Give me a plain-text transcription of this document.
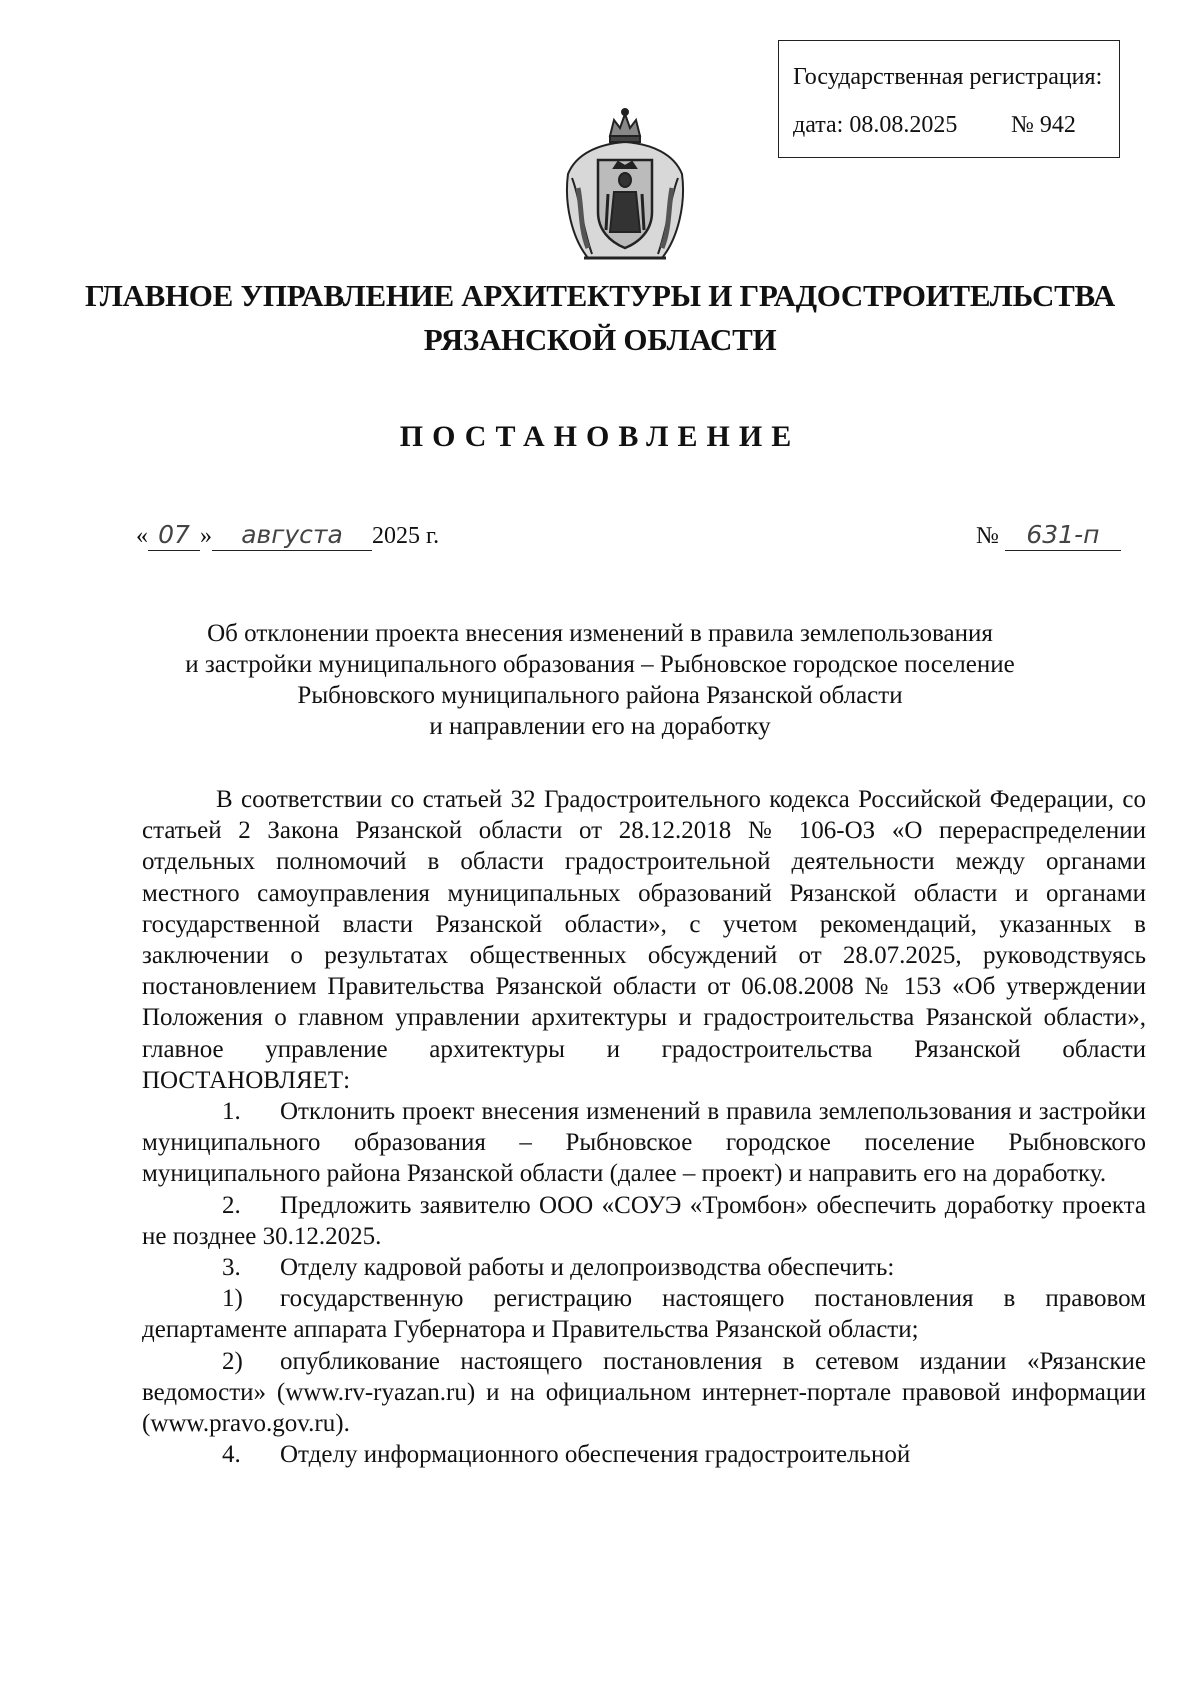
Государственная регистрация:
дата: 08.08.2025 № 942
ГЛАВНОЕ УПРАВЛЕНИЕ АРХИТЕКТУРЫ И ГРАДОСТРОИТЕЛЬСТВА
РЯЗАНСКОЙ ОБЛАСТИ
ПОСТАНОВЛЕНИЕ
« 07 » августа 2025 г.	№ 631-п
Об отклонении проекта внесения изменений в правила землепользования
и застройки муниципального образования – Рыбновское городское поселение
Рыбновского муниципального района Рязанской области
и направлении его на доработку

В соответствии со статьей 32 Градостроительного кодекса Российской Федерации, со статьей 2 Закона Рязанской области от 28.12.2018 № 106-ОЗ «О перераспределении отдельных полномочий в области градостроительной деятельности между органами местного самоуправления муниципальных образований Рязанской области и органами государственной власти Рязанской области», с учетом рекомендаций, указанных в заключении о результатах общественных обсуждений от 28.07.2025, руководствуясь постановлением Правительства Рязанской области от 06.08.2008 № 153 «Об утверждении Положения о главном управлении архитектуры и градостроительства Рязанской области», главное управление архитектуры и градостроительства Рязанской области ПОСТАНОВЛЯЕТ:

1. Отклонить проект внесения изменений в правила землепользования и застройки муниципального образования – Рыбновское городское поселение Рыбновского муниципального района Рязанской области (далее – проект) и направить его на доработку.

2. Предложить заявителю ООО «СОУЭ «Тромбон» обеспечить доработку проекта не позднее 30.12.2025.

3. Отделу кадровой работы и делопроизводства обеспечить:

1) государственную регистрацию настоящего постановления в правовом департаменте аппарата Губернатора и Правительства Рязанской области;

2) опубликование настоящего постановления в сетевом издании «Рязанские ведомости» (www.rv-ryazan.ru) и на официальном интернет-портале правовой информации (www.pravo.gov.ru).

4. Отделу информационного обеспечения градостроительной
